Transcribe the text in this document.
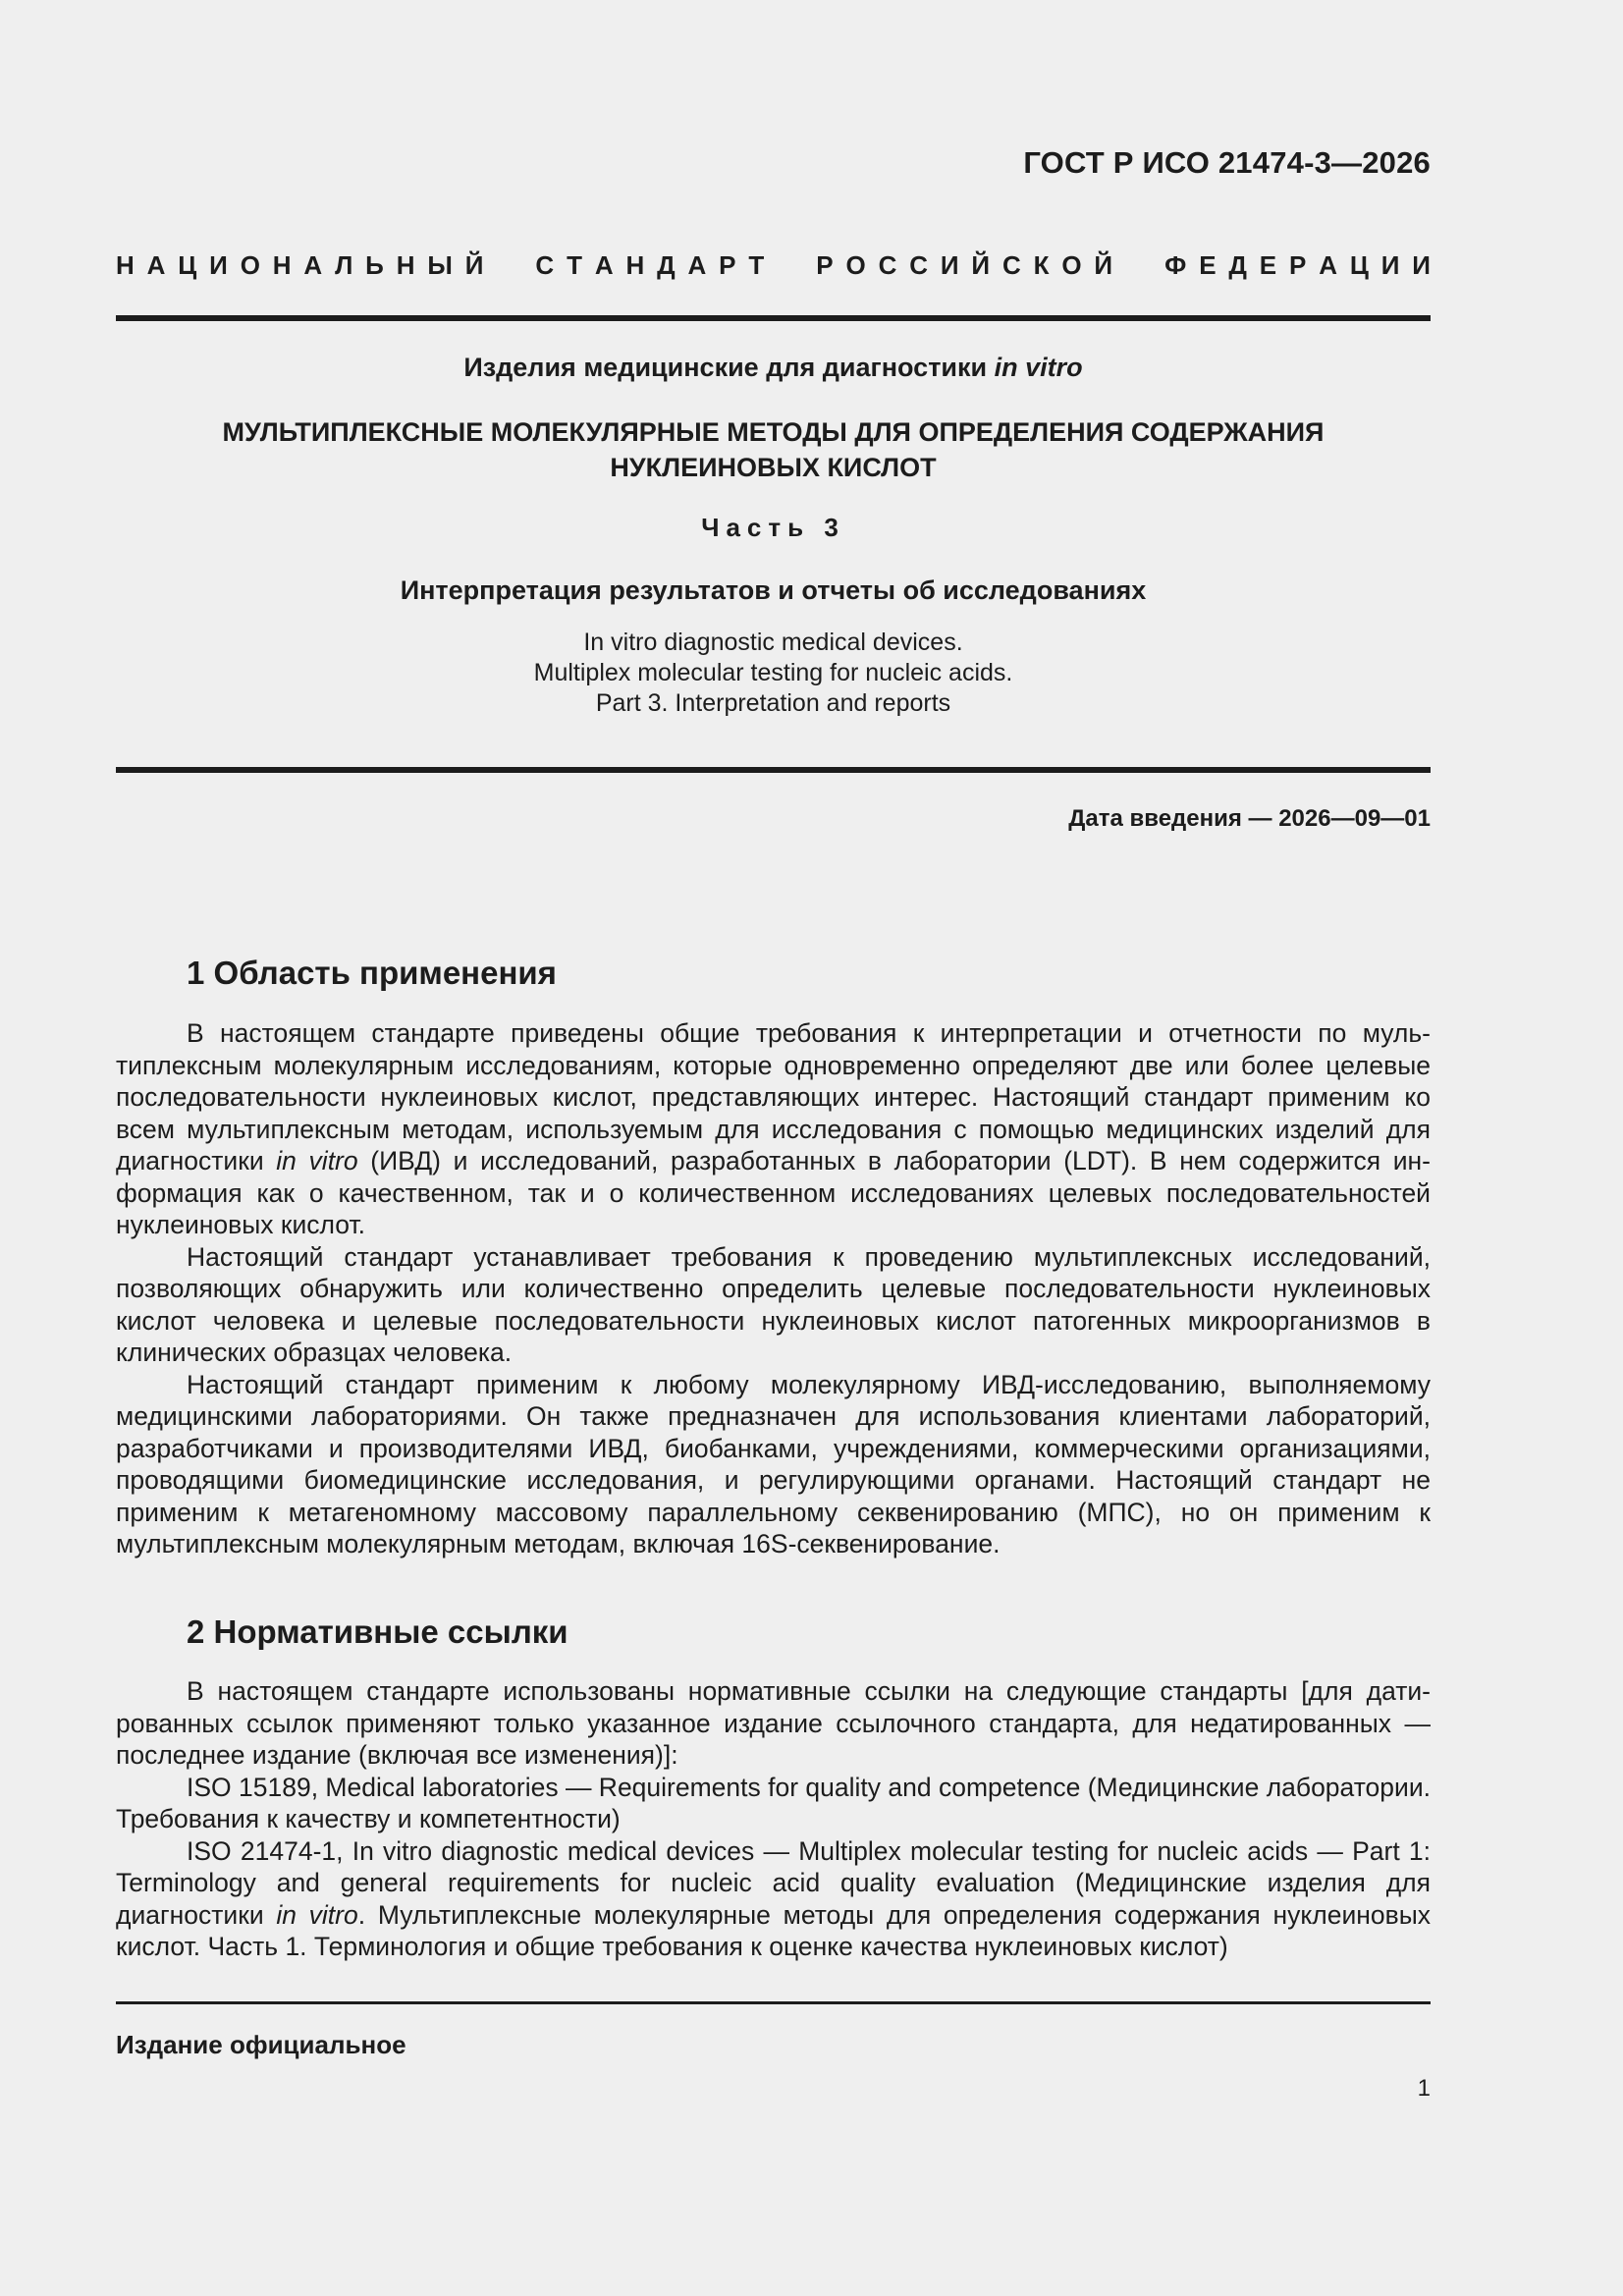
ГОСТ Р ИСО 21474-3—2026
Н А Ц И О Н А Л Ь Н Ы Й

С Т А Н Д А Р Т

Р О С С И Й С К О Й

Ф Е Д Е Р А Ц И И

Изделия медицинские для диагностики in vitro

МУЛЬТИПЛЕКСНЫЕ МОЛЕКУЛЯРНЫЕ МЕТОДЫ ДЛЯ ОПРЕДЕЛЕНИЯ СОДЕРЖАНИЯ
НУКЛЕИНОВЫХ КИСЛОТ

Часть 3

Интерпретация результатов и отчеты об исследованиях

In vitro diagnostic medical devices.
Multiplex molecular testing for nucleic acids.
Part 3. Interpretation and reports

Дата введения — 2026—09—01
1 Область применения

В настоящем стандарте приведены общие требования к интерпретации и отчетности по мультиплексным молекулярным исследованиям, которые одновременно определяют две или более целевые последовательности нуклеиновых кислот, представляющих интерес. Настоящий стандарт применим ко всем мультиплексным методам, используемым для исследования с помощью медицинских изделий для диагностики in vitro (ИВД) и исследований, разработанных в лаборатории (LDT). В нем содержится информация как о качественном, так и о количественном исследованиях целевых последовательностей нуклеиновых кислот.

Настоящий стандарт устанавливает требования к проведению мультиплексных исследований, позволяющих обнаружить или количественно определить целевые последовательности нуклеиновых кислот человека и целевые последовательности нуклеиновых кислот патогенных микроорганизмов в клинических образцах человека.

Настоящий стандарт применим к любому молекулярному ИВД-исследованию, выполняемому медицинскими лабораториями. Он также предназначен для использования клиентами лабораторий, разработчиками и производителями ИВД, биобанками, учреждениями, коммерческими организациями, проводящими биомедицинские исследования, и регулирующими органами. Настоящий стандарт не применим к метагеномному массовому параллельному секвенированию (МПС), но он применим к мультиплексным молекулярным методам, включая 16S-секвенирование.

2 Нормативные ссылки

В настоящем стандарте использованы нормативные ссылки на следующие стандарты [для датированных ссылок применяют только указанное издание ссылочного стандарта, для недатированных — последнее издание (включая все изменения)]:

ISO 15189, Medical laboratories — Requirements for quality and competence (Медицинские лаборатории. Требования к качеству и компетентности)

ISO 21474-1, In vitro diagnostic medical devices — Multiplex molecular testing for nucleic acids — Part 1: Terminology and general requirements for nucleic acid quality evaluation (Медицинские изделия для диагностики in vitro. Мультиплексные молекулярные методы для определения содержания нуклеиновых кислот. Часть 1. Терминология и общие требования к оценке качества нуклеиновых кислот)

Издание официальное
1
